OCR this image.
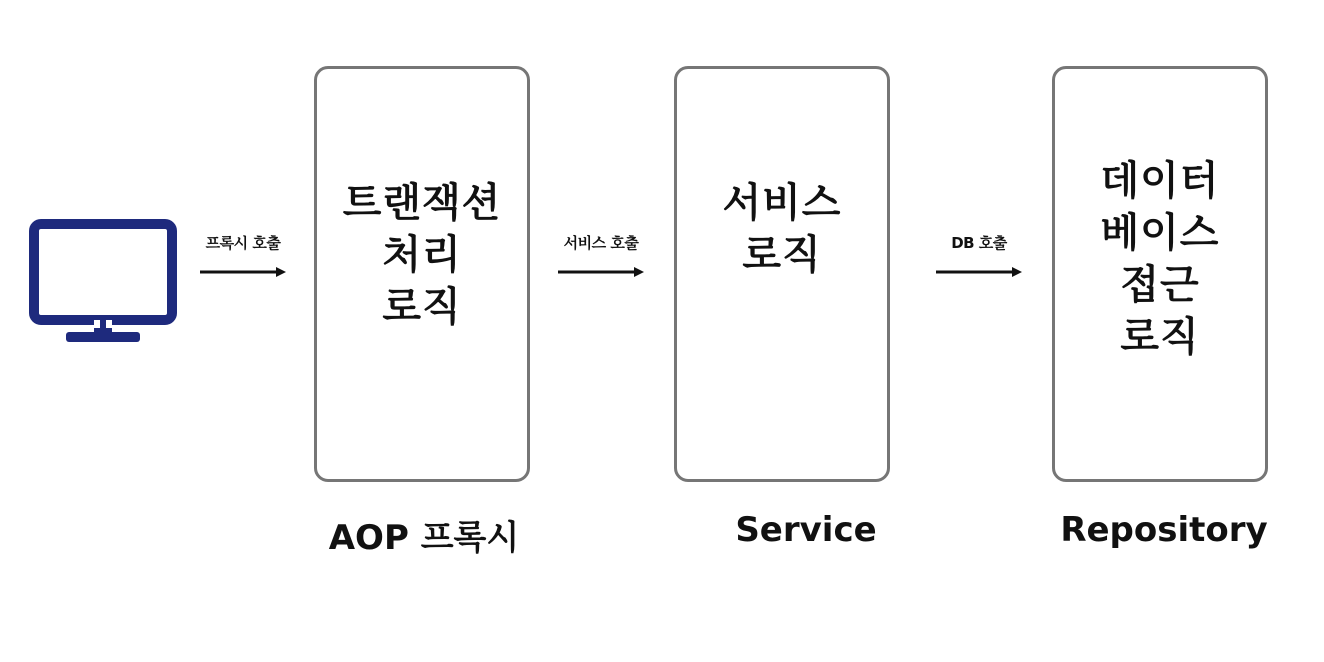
프록시 호출
트랜잭션
처리
로직
서비스 호출
서비스
로직	DB 호출
데이터
베이스
접근
로직
AOP 프록시	Service	Repository
